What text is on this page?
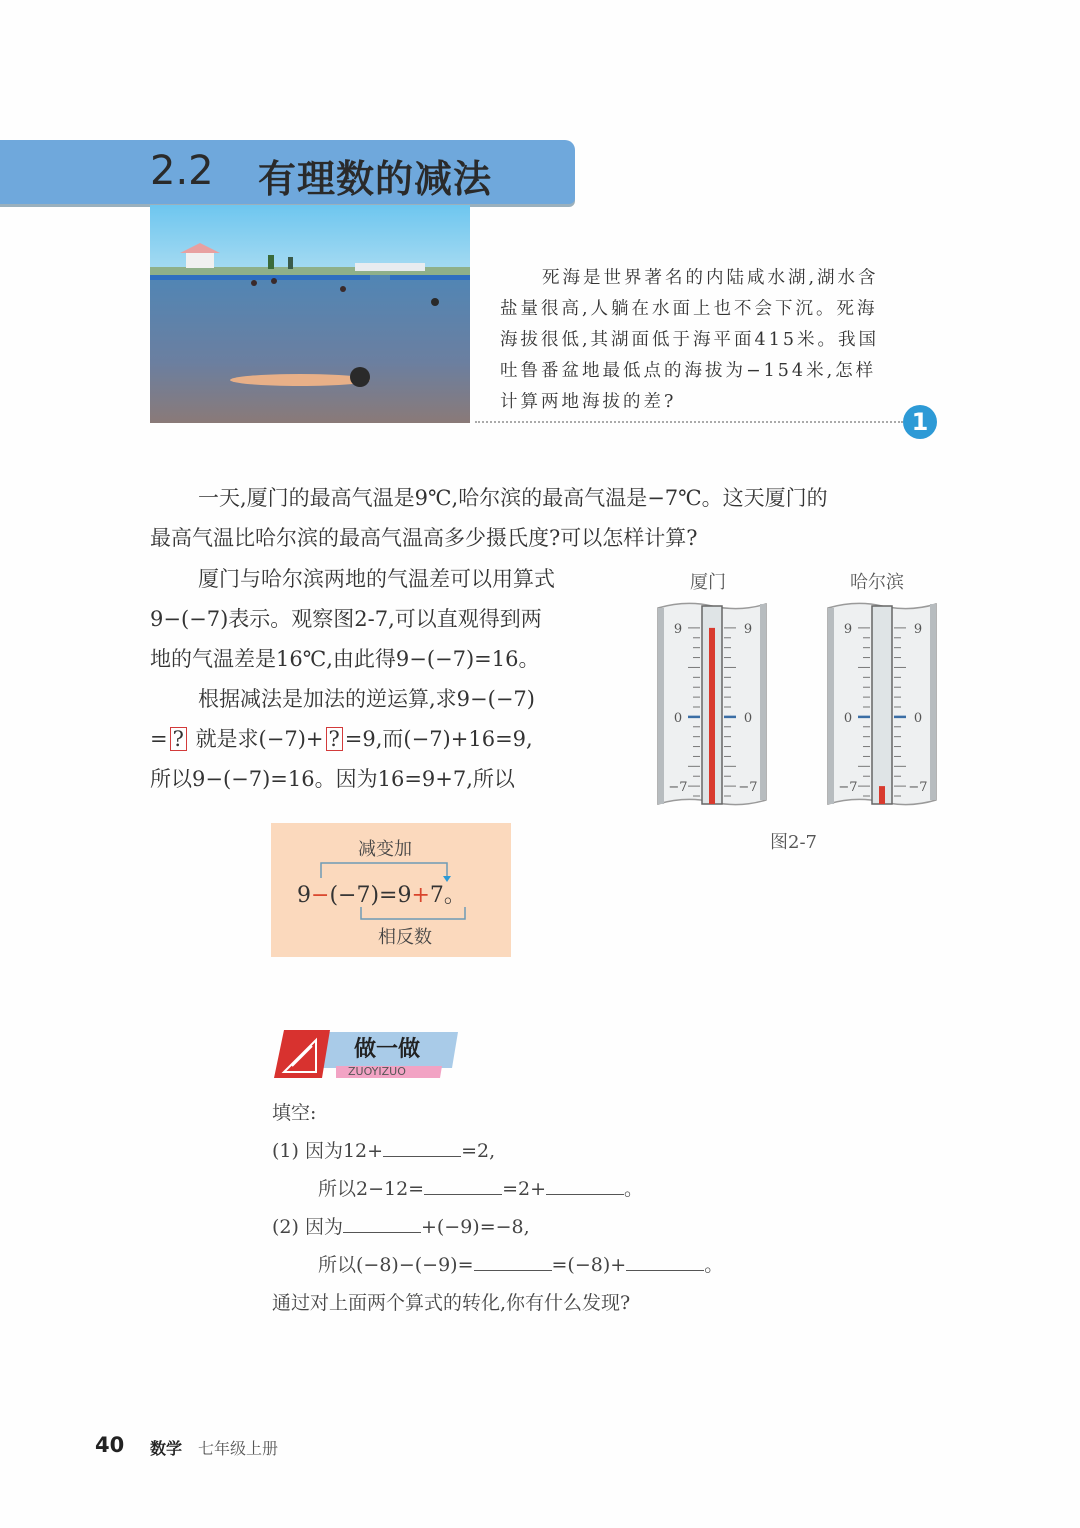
2.2 有理数的减法
死海是世界著名的内陆咸水湖,湖水含
盐量很高,人躺在水面上也不会下沉。死海
海拔很低,其湖面低于海平面415米。我国
吐鲁番盆地最低点的海拔为−154米,怎样
计算两地海拔的差?
1
一天,厦门的最高气温是9℃,哈尔滨的最高气温是−7℃。这天厦门的
最高气温比哈尔滨的最高气温高多少摄氏度?可以怎样计算?
厦门与哈尔滨两地的气温差可以用算式
9−(−7)表示。观察图2-7,可以直观得到两
地的气温差是16℃,由此得9−(−7)=16。
根据减法是加法的逆运算,求9−(−7)
= ? 就是求(−7)+ ? =9,而(−7)+16=9,
所以9−(−7)=16。因为16=9+7,所以
厦门	哈尔滨
9	9
0	0
−7	−7
9	9
0	0
−7	−7
图2-7
减变加
9−(−7)=9+7。
相反数
做一做
ZUOYIZUO
填空:
(1) 因为12+	=2,
所以2−12=	=2+	。
(2) 因为	+(−9)=−8,
所以(−8)−(−9)=	=(−8)+	。
通过对上面两个算式的转化,你有什么发现?
40 数学 七年级上册
